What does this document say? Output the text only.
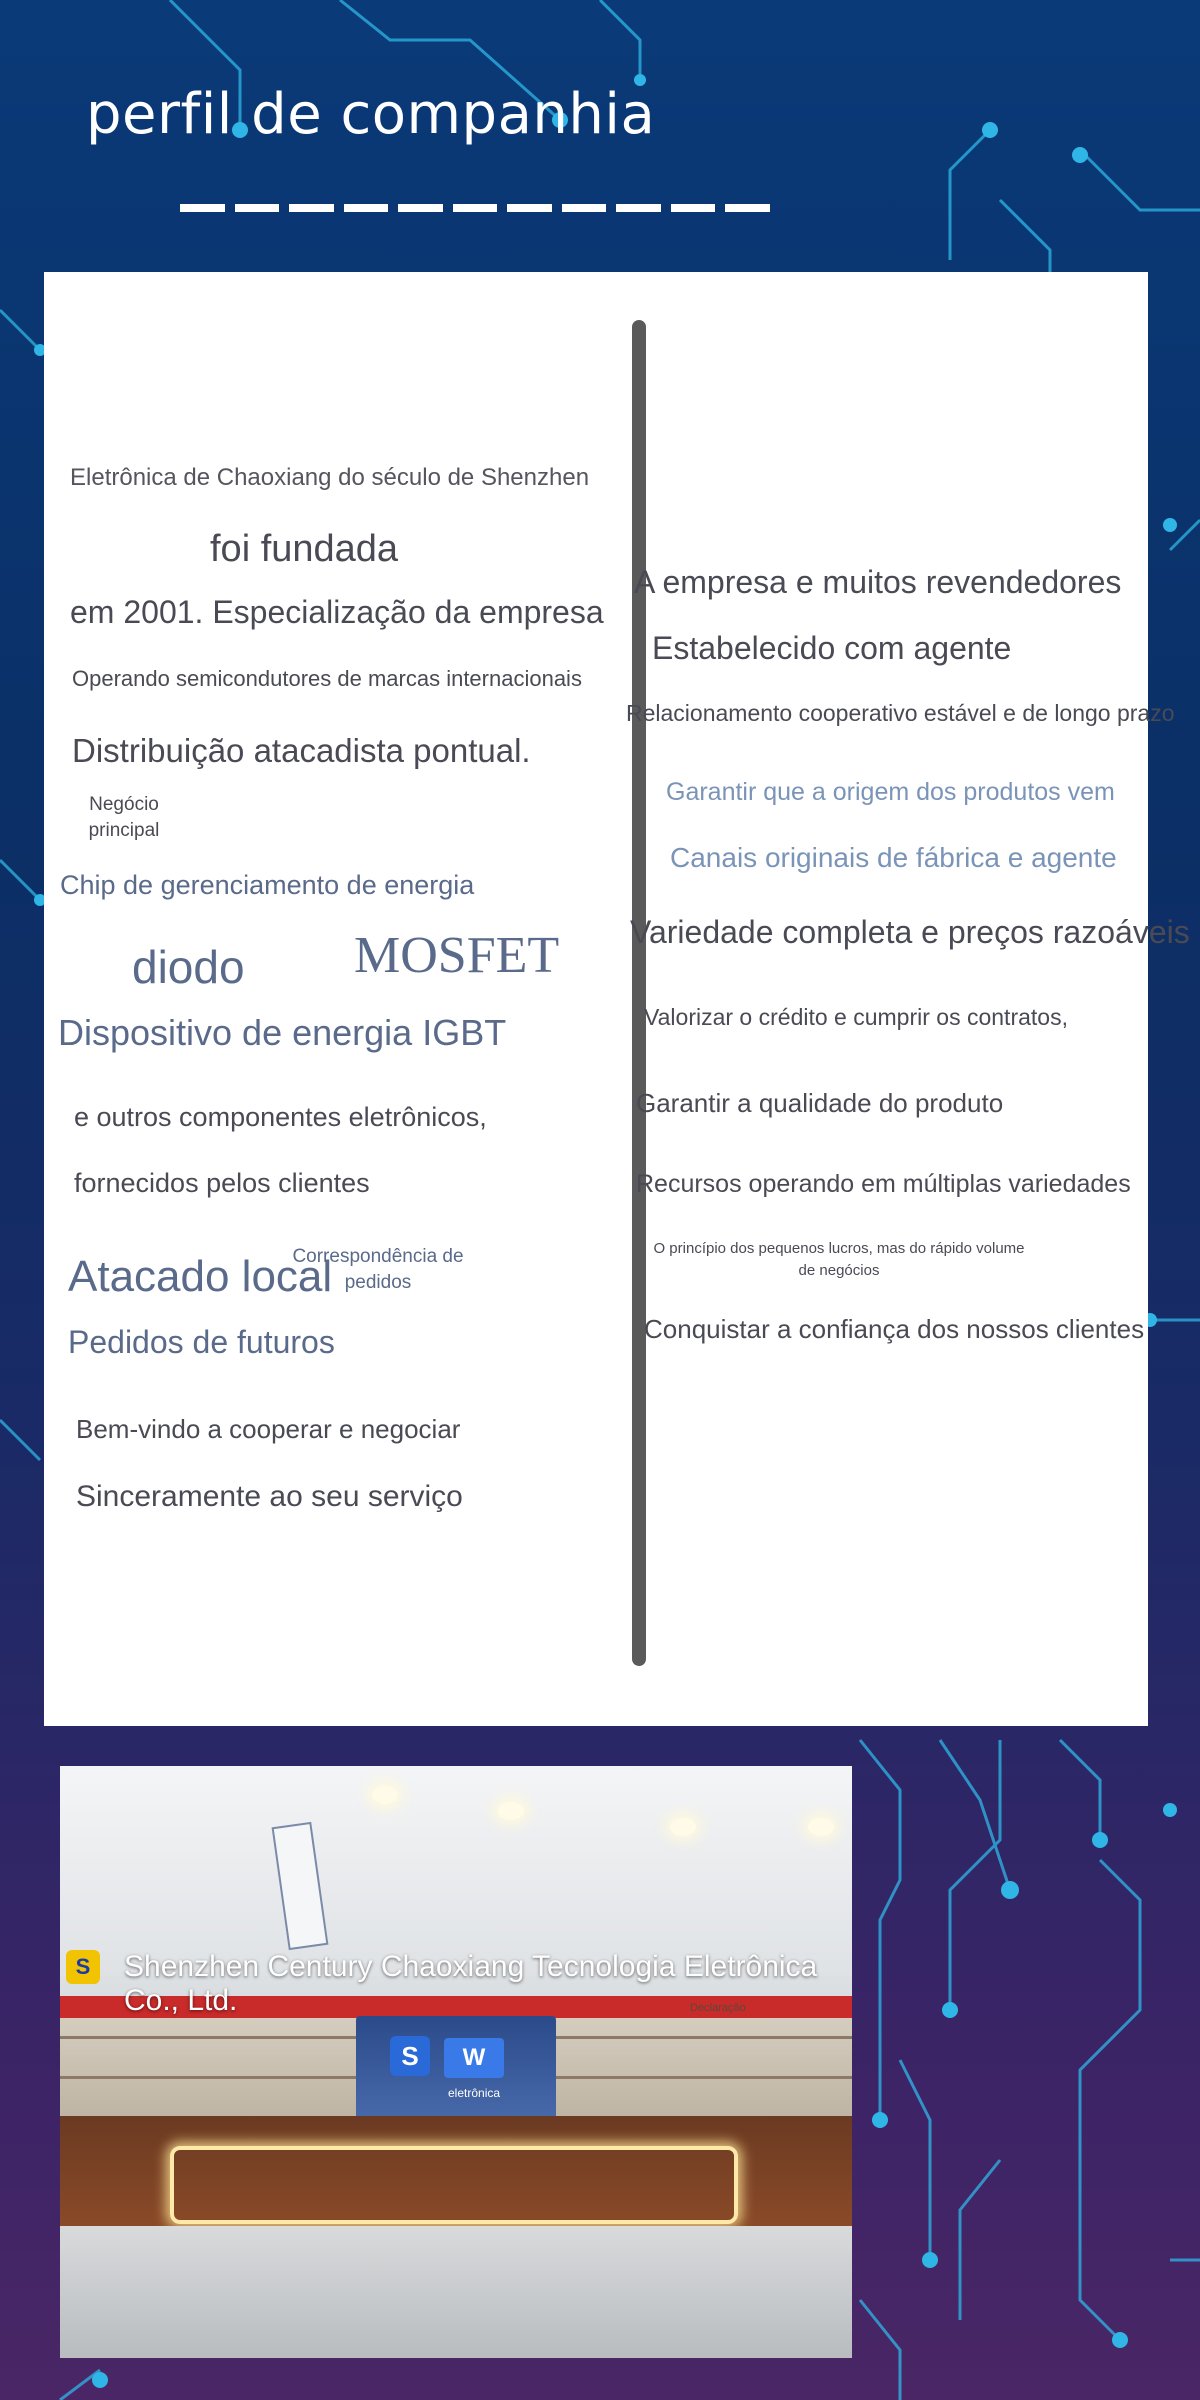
perfil de companhia
Eletrônica de Chaoxiang do século de Shenzhen
foi fundada
em 2001. Especialização da empresa
Operando semicondutores de marcas internacionais
Distribuição atacadista pontual.
Negócio principal
Chip de gerenciamento de energia
diodo MOSFET
Dispositivo de energia IGBT
e outros componentes eletrônicos,
fornecidos pelos clientes
Atacado local
Correspondência de pedidos
Pedidos de futuros
Bem-vindo a cooperar e negociar
Sinceramente ao seu serviço
A empresa e muitos revendedores
Estabelecido com agente
Relacionamento cooperativo estável e de longo prazo
Garantir que a origem dos produtos vem
Canais originais de fábrica e agente
Variedade completa e preços razoáveis
Valorizar o crédito e cumprir os contratos,
Garantir a qualidade do produto
Recursos operando em múltiplas variedades
O princípio dos pequenos lucros, mas do rápido volume de negócios
Conquistar a confiança dos nossos clientes
S	W
eletrônica
Declaração
S	Shenzhen Century Chaoxiang Tecnologia Eletrônica Co., Ltd.
